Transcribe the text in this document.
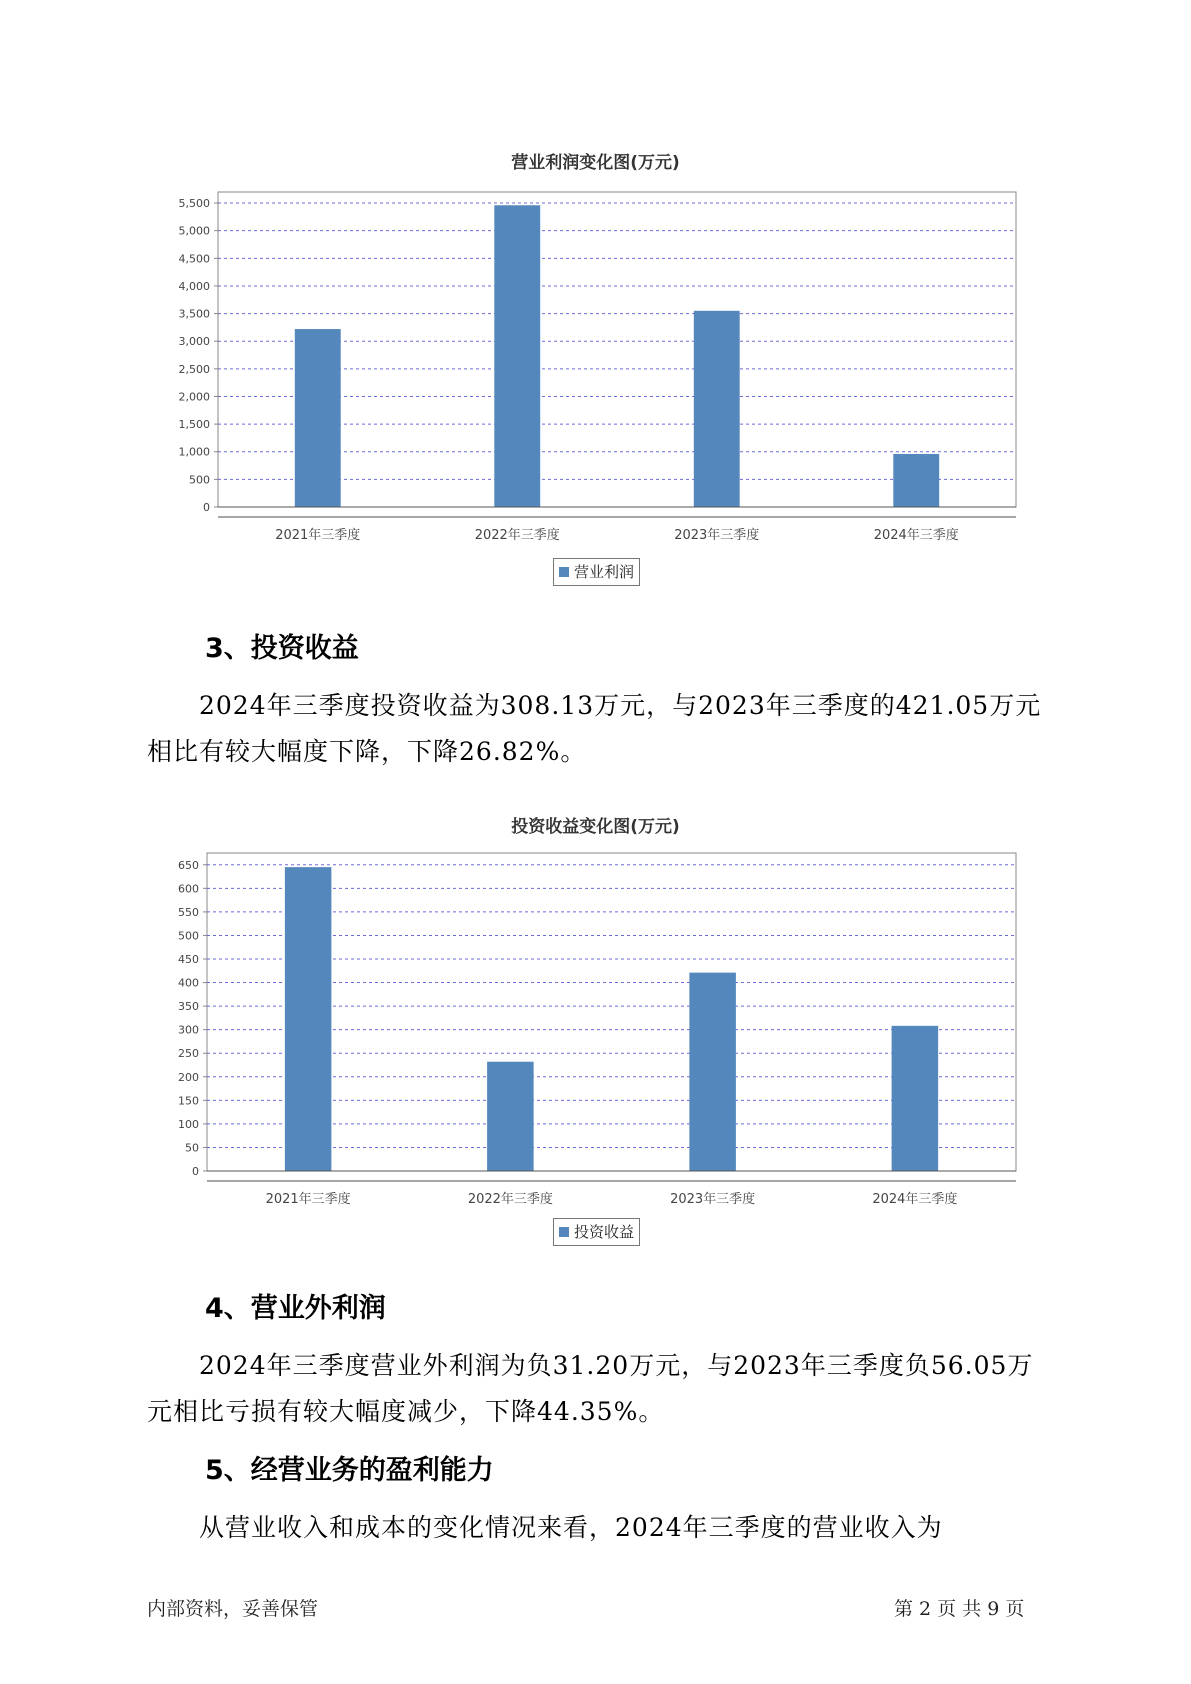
营业利润变化图(万元)
0
500
1,000
1,500
2,000
2,500
3,000
3,500
4,000
4,500
5,000
5,500
2021年三季度	2022年三季度	2023年三季度	2024年三季度
营业利润
3、投资收益
2024年三季度投资收益为308.13万元，与2023年三季度的421.05万元
相比有较大幅度下降，下降26.82%。
投资收益变化图(万元)
0
50
100
150
200
250
300
350
400
450
500
550
600
650
2021年三季度	2022年三季度	2023年三季度	2024年三季度
投资收益
4、营业外利润
2024年三季度营业外利润为负31.20万元，与2023年三季度负56.05万
元相比亏损有较大幅度减少，下降44.35%。
5、经营业务的盈利能力
从营业收入和成本的变化情况来看，2024年三季度的营业收入为
内部资料，妥善保管	第 2 页 共 9 页
